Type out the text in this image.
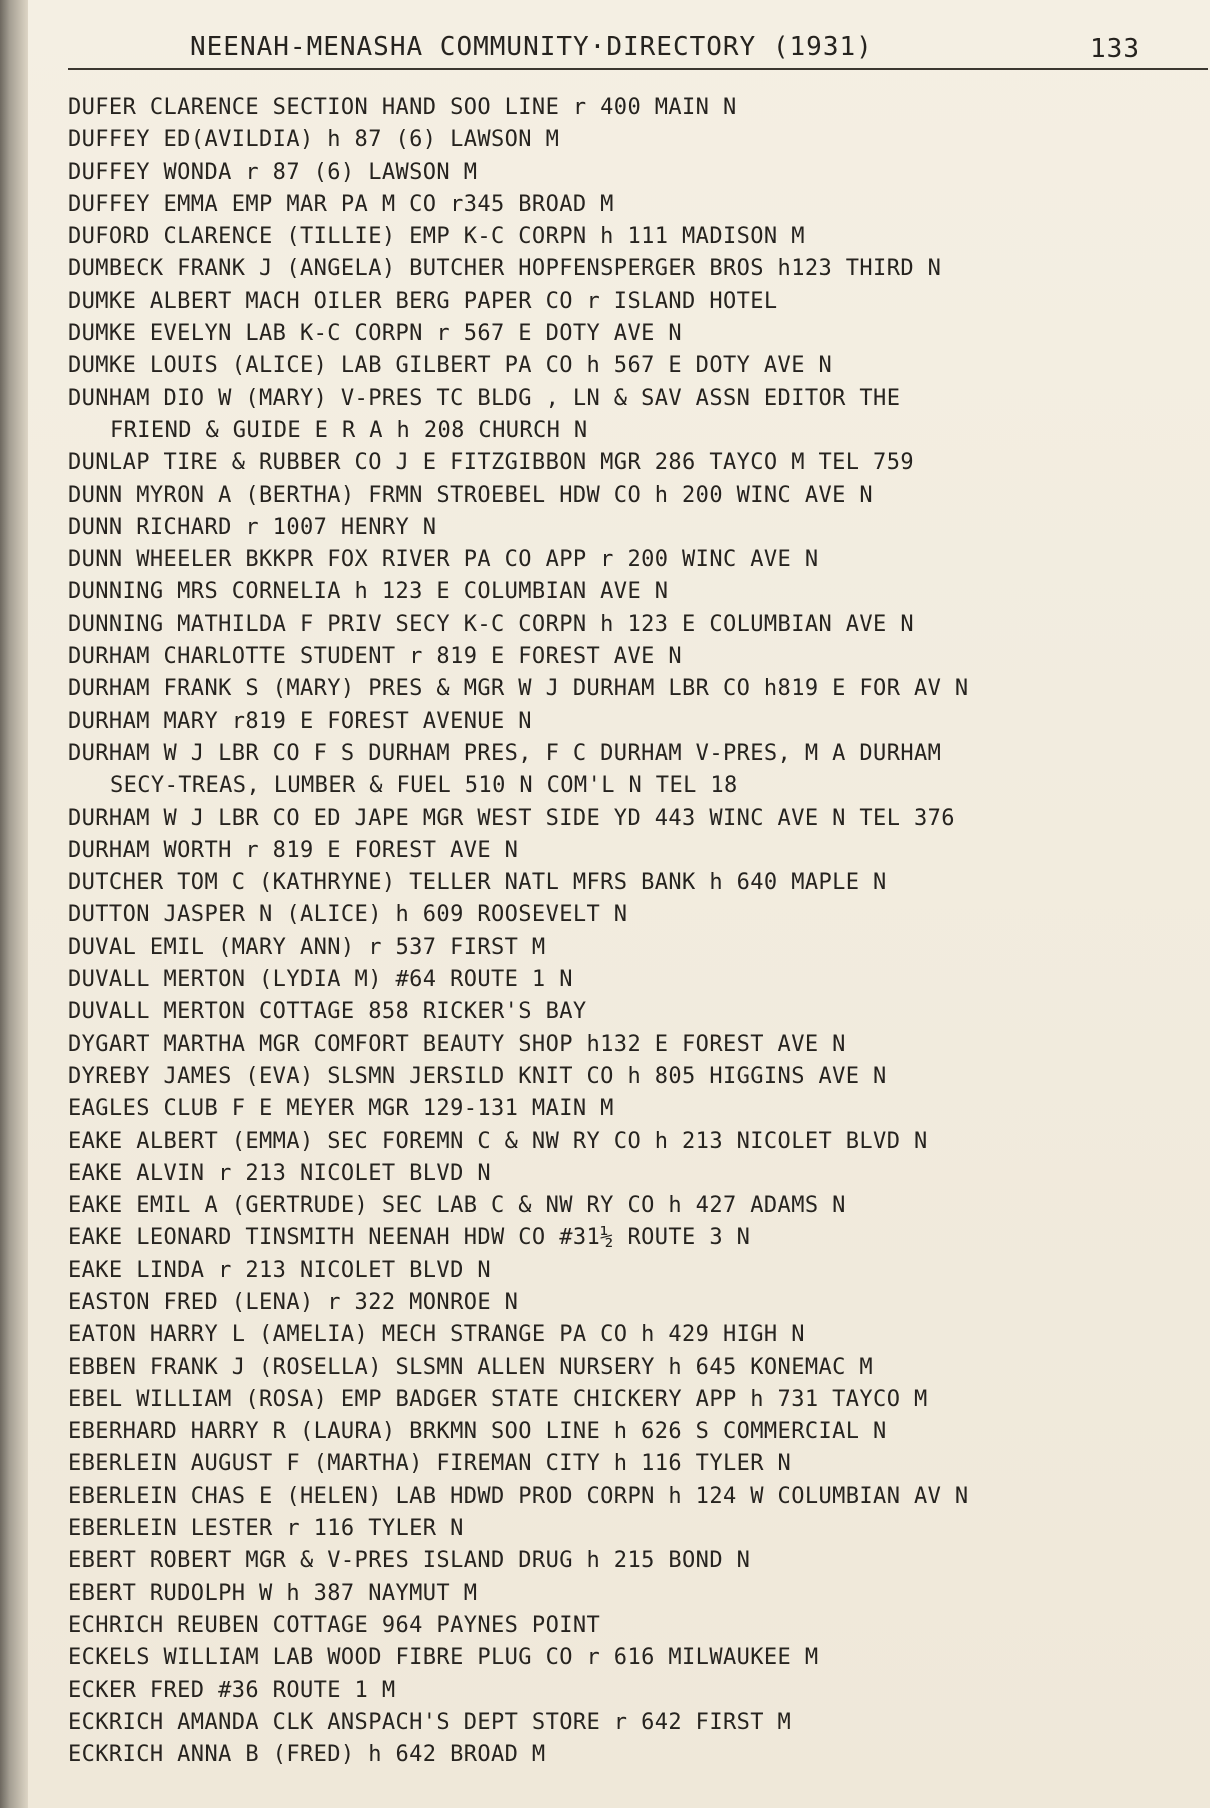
NEENAH-MENASHA COMMUNITY·DIRECTORY (1931)	133
DUFER CLARENCE SECTION HAND SOO LINE r 400 MAIN N
DUFFEY ED(AVILDIA) h 87 (6) LAWSON M
DUFFEY WONDA r 87 (6) LAWSON M
DUFFEY EMMA EMP MAR PA M CO r345 BROAD M
DUFORD CLARENCE (TILLIE) EMP K-C CORPN h 111 MADISON M
DUMBECK FRANK J (ANGELA) BUTCHER HOPFENSPERGER BROS h123 THIRD N
DUMKE ALBERT MACH OILER BERG PAPER CO r ISLAND HOTEL
DUMKE EVELYN LAB K-C CORPN r 567 E DOTY AVE N
DUMKE LOUIS (ALICE) LAB GILBERT PA CO h 567 E DOTY AVE N
DUNHAM DIO W (MARY) V-PRES TC BLDG , LN & SAV ASSN EDITOR THE
FRIEND & GUIDE E R A h 208 CHURCH N
DUNLAP TIRE & RUBBER CO J E FITZGIBBON MGR 286 TAYCO M TEL 759
DUNN MYRON A (BERTHA) FRMN STROEBEL HDW CO h 200 WINC AVE N
DUNN RICHARD r 1007 HENRY N
DUNN WHEELER BKKPR FOX RIVER PA CO APP r 200 WINC AVE N
DUNNING MRS CORNELIA h 123 E COLUMBIAN AVE N
DUNNING MATHILDA F PRIV SECY K-C CORPN h 123 E COLUMBIAN AVE N
DURHAM CHARLOTTE STUDENT r 819 E FOREST AVE N
DURHAM FRANK S (MARY) PRES & MGR W J DURHAM LBR CO h819 E FOR AV N
DURHAM MARY r819 E FOREST AVENUE N
DURHAM W J LBR CO F S DURHAM PRES, F C DURHAM V-PRES, M A DURHAM
SECY-TREAS, LUMBER & FUEL 510 N COM'L N TEL 18
DURHAM W J LBR CO ED JAPE MGR WEST SIDE YD 443 WINC AVE N TEL 376
DURHAM WORTH r 819 E FOREST AVE N
DUTCHER TOM C (KATHRYNE) TELLER NATL MFRS BANK h 640 MAPLE N
DUTTON JASPER N (ALICE) h 609 ROOSEVELT N
DUVAL EMIL (MARY ANN) r 537 FIRST M
DUVALL MERTON (LYDIA M) #64 ROUTE 1 N
DUVALL MERTON COTTAGE 858 RICKER'S BAY
DYGART MARTHA MGR COMFORT BEAUTY SHOP h132 E FOREST AVE N
DYREBY JAMES (EVA) SLSMN JERSILD KNIT CO h 805 HIGGINS AVE N
EAGLES CLUB F E MEYER MGR 129-131 MAIN M
EAKE ALBERT (EMMA) SEC FOREMN C & NW RY CO h 213 NICOLET BLVD N
EAKE ALVIN r 213 NICOLET BLVD N
EAKE EMIL A (GERTRUDE) SEC LAB C & NW RY CO h 427 ADAMS N
EAKE LEONARD TINSMITH NEENAH HDW CO #31½ ROUTE 3 N
EAKE LINDA r 213 NICOLET BLVD N
EASTON FRED (LENA) r 322 MONROE N
EATON HARRY L (AMELIA) MECH STRANGE PA CO h 429 HIGH N
EBBEN FRANK J (ROSELLA) SLSMN ALLEN NURSERY h 645 KONEMAC M
EBEL WILLIAM (ROSA) EMP BADGER STATE CHICKERY APP h 731 TAYCO M
EBERHARD HARRY R (LAURA) BRKMN SOO LINE h 626 S COMMERCIAL N
EBERLEIN AUGUST F (MARTHA) FIREMAN CITY h 116 TYLER N
EBERLEIN CHAS E (HELEN) LAB HDWD PROD CORPN h 124 W COLUMBIAN AV N
EBERLEIN LESTER r 116 TYLER N
EBERT ROBERT MGR & V-PRES ISLAND DRUG h 215 BOND N
EBERT RUDOLPH W h 387 NAYMUT M
ECHRICH REUBEN COTTAGE 964 PAYNES POINT
ECKELS WILLIAM LAB WOOD FIBRE PLUG CO r 616 MILWAUKEE M
ECKER FRED #36 ROUTE 1 M
ECKRICH AMANDA CLK ANSPACH'S DEPT STORE r 642 FIRST M
ECKRICH ANNA B (FRED) h 642 BROAD M
